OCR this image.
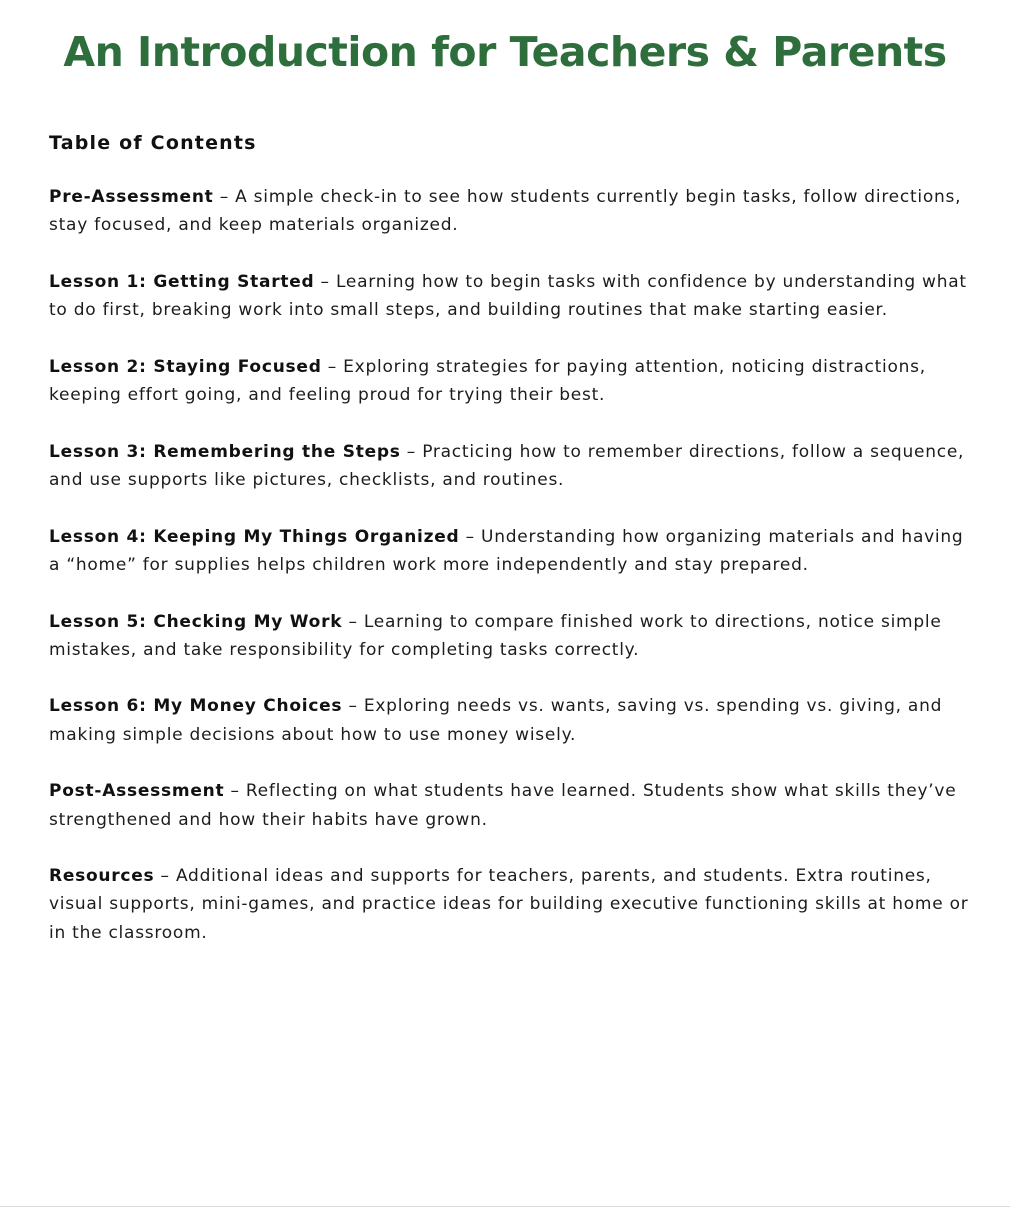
An Introduction for Teachers & Parents
Table of Contents
Pre-Assessment – A simple check-in to see how students currently begin tasks, follow directions, stay focused, and keep materials organized.
Lesson 1: Getting Started – Learning how to begin tasks with confidence by understanding what to do first, breaking work into small steps, and building routines that make starting easier.
Lesson 2: Staying Focused – Exploring strategies for paying attention, noticing distractions, keeping effort going, and feeling proud for trying their best.
Lesson 3: Remembering the Steps – Practicing how to remember directions, follow a sequence, and use supports like pictures, checklists, and routines.
Lesson 4: Keeping My Things Organized – Understanding how organizing materials and having a “home” for supplies helps children work more independently and stay prepared.
Lesson 5: Checking My Work – Learning to compare finished work to directions, notice simple mistakes, and take responsibility for completing tasks correctly.
Lesson 6: My Money Choices – Exploring needs vs. wants, saving vs. spending vs. giving, and making simple decisions about how to use money wisely.
Post-Assessment – Reflecting on what students have learned. Students show what skills they’ve strengthened and how their habits have grown.
Resources – Additional ideas and supports for teachers, parents, and students. Extra routines, visual supports, mini-games, and practice ideas for building executive functioning skills at home or in the classroom.
